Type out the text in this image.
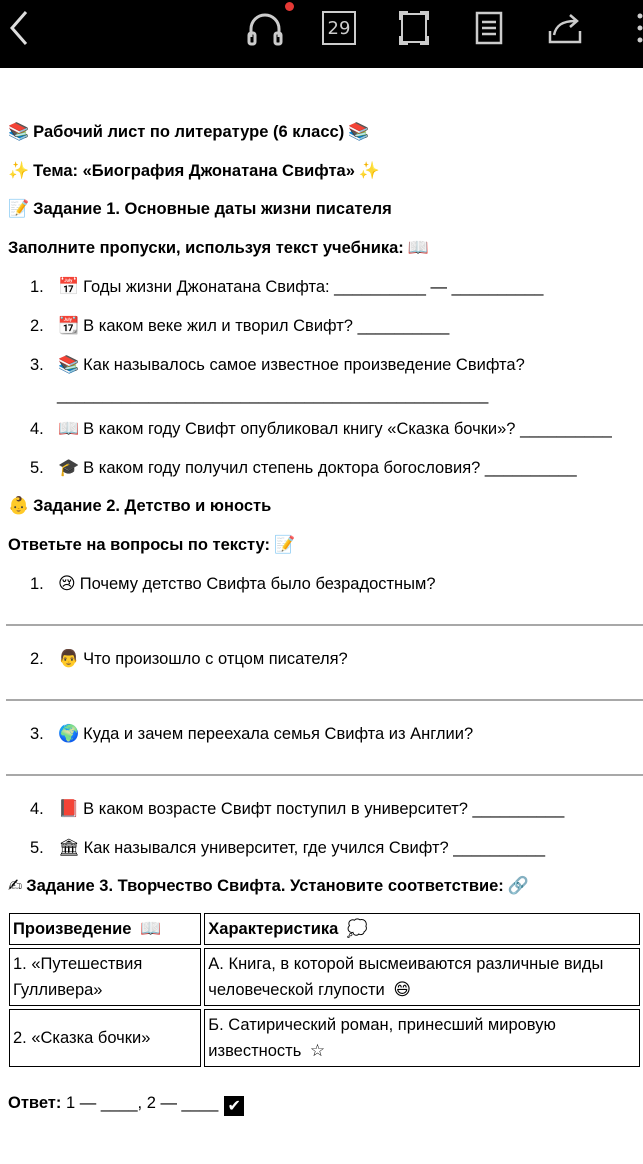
29
📚 Рабочий лист по литературе (6 класс) 📚
✨ Тема: «Биография Джонатана Свифта» ✨
📝 Задание 1. Основные даты жизни писателя
Заполните пропуски, используя текст учебника: 📖
1. 📅 Годы жизни Джонатана Свифта: __________ — __________
2. 📆 В каком веке жил и творил Свифт? __________
3. 📚 Как называлось самое известное произведение Свифта?
_______________________________________________
4. 📖 В каком году Свифт опубликовал книгу «Сказка бочки»? __________
5. 🎓 В каком году получил степень доктора богословия? __________
👶 Задание 2. Детство и юность
Ответьте на вопросы по тексту: 📝
1. 😢 Почему детство Свифта было безрадостным?
2. 👨 Что произошло с отцом писателя?
3. 🌍 Куда и зачем переехала семья Свифта из Англии?
4. 📕 В каком возрасте Свифт поступил в университет? __________
5. 🏛 Как назывался университет, где учился Свифт? __________
✍ Задание 3. Творчество Свифта. Установите соответствие: 🔗
Произведение 📖	Характеристика 💭
1. «Путешествия Гулливера»	А. Книга, в которой высмеиваются различные виды человеческой глупости 😄
2. «Сказка бочки»	Б. Сатирический роман, принесший мировую известность ☆
Ответ: 1 — ____, 2 — ____ ✔
